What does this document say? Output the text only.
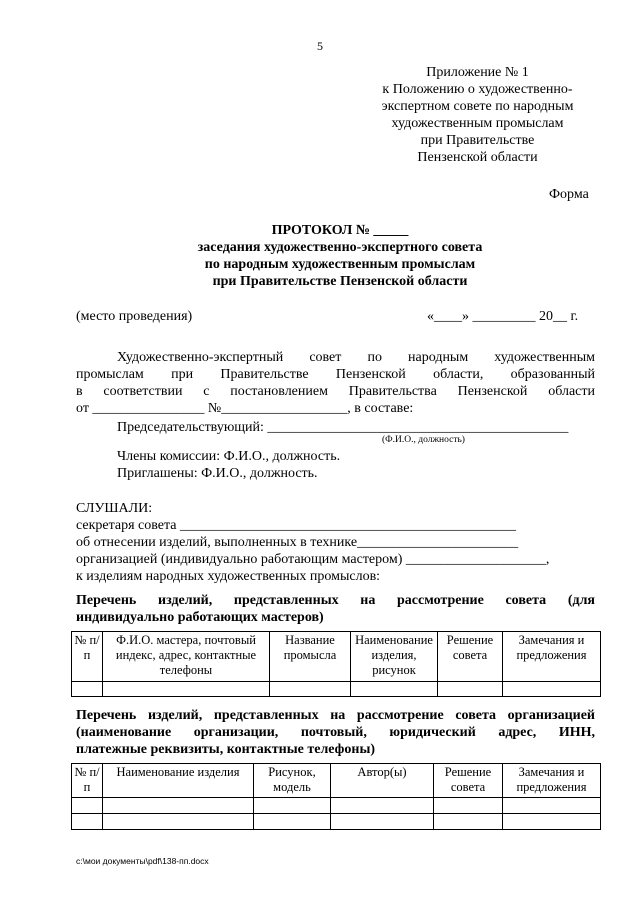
5
Приложение № 1
к Положению о художественно-
экспертном совете по народным
художественным промыслам
при Правительстве
Пензенской области
Форма
ПРОТОКОЛ № _____
заседания художественно-экспертного совета
по народным художественным промыслам
при Правительстве Пензенской области
(место проведения)	«____» _________ 20__ г.
Художественно-экспертный совет по народным художественным
промыслам при Правительстве Пензенской области, образованный
в соответствии с постановлением Правительства Пензенской области
от ________________ №__________________, в составе:
Председательствующий: ___________________________________________
(Ф.И.О., должность)
Члены комиссии: Ф.И.О., должность.
Приглашены: Ф.И.О., должность.
СЛУШАЛИ:
секретаря совета ________________________________________________
об отнесении изделий, выполненных в технике_______________________
организацией (индивидуально работающим мастером) ____________________,
к изделиям народных художественных промыслов:
Перечень изделий, представленных на рассмотрение совета (для
индивидуально работающих мастеров)
№ п/п	Ф.И.О. мастера, почтовый индекс, адрес, контактные телефоны	Название промысла	Наименование изделия, рисунок	Решение совета	Замечания и предложения

Перечень изделий, представленных на рассмотрение совета организацией
(наименование организации, почтовый, юридический адрес, ИНН,
платежные реквизиты, контактные телефоны)
№ п/п	Наименование изделия	Рисунок, модель	Автор(ы)	Решение совета	Замечания и предложения

c:\мои документы\pdf\138-пп.docx
